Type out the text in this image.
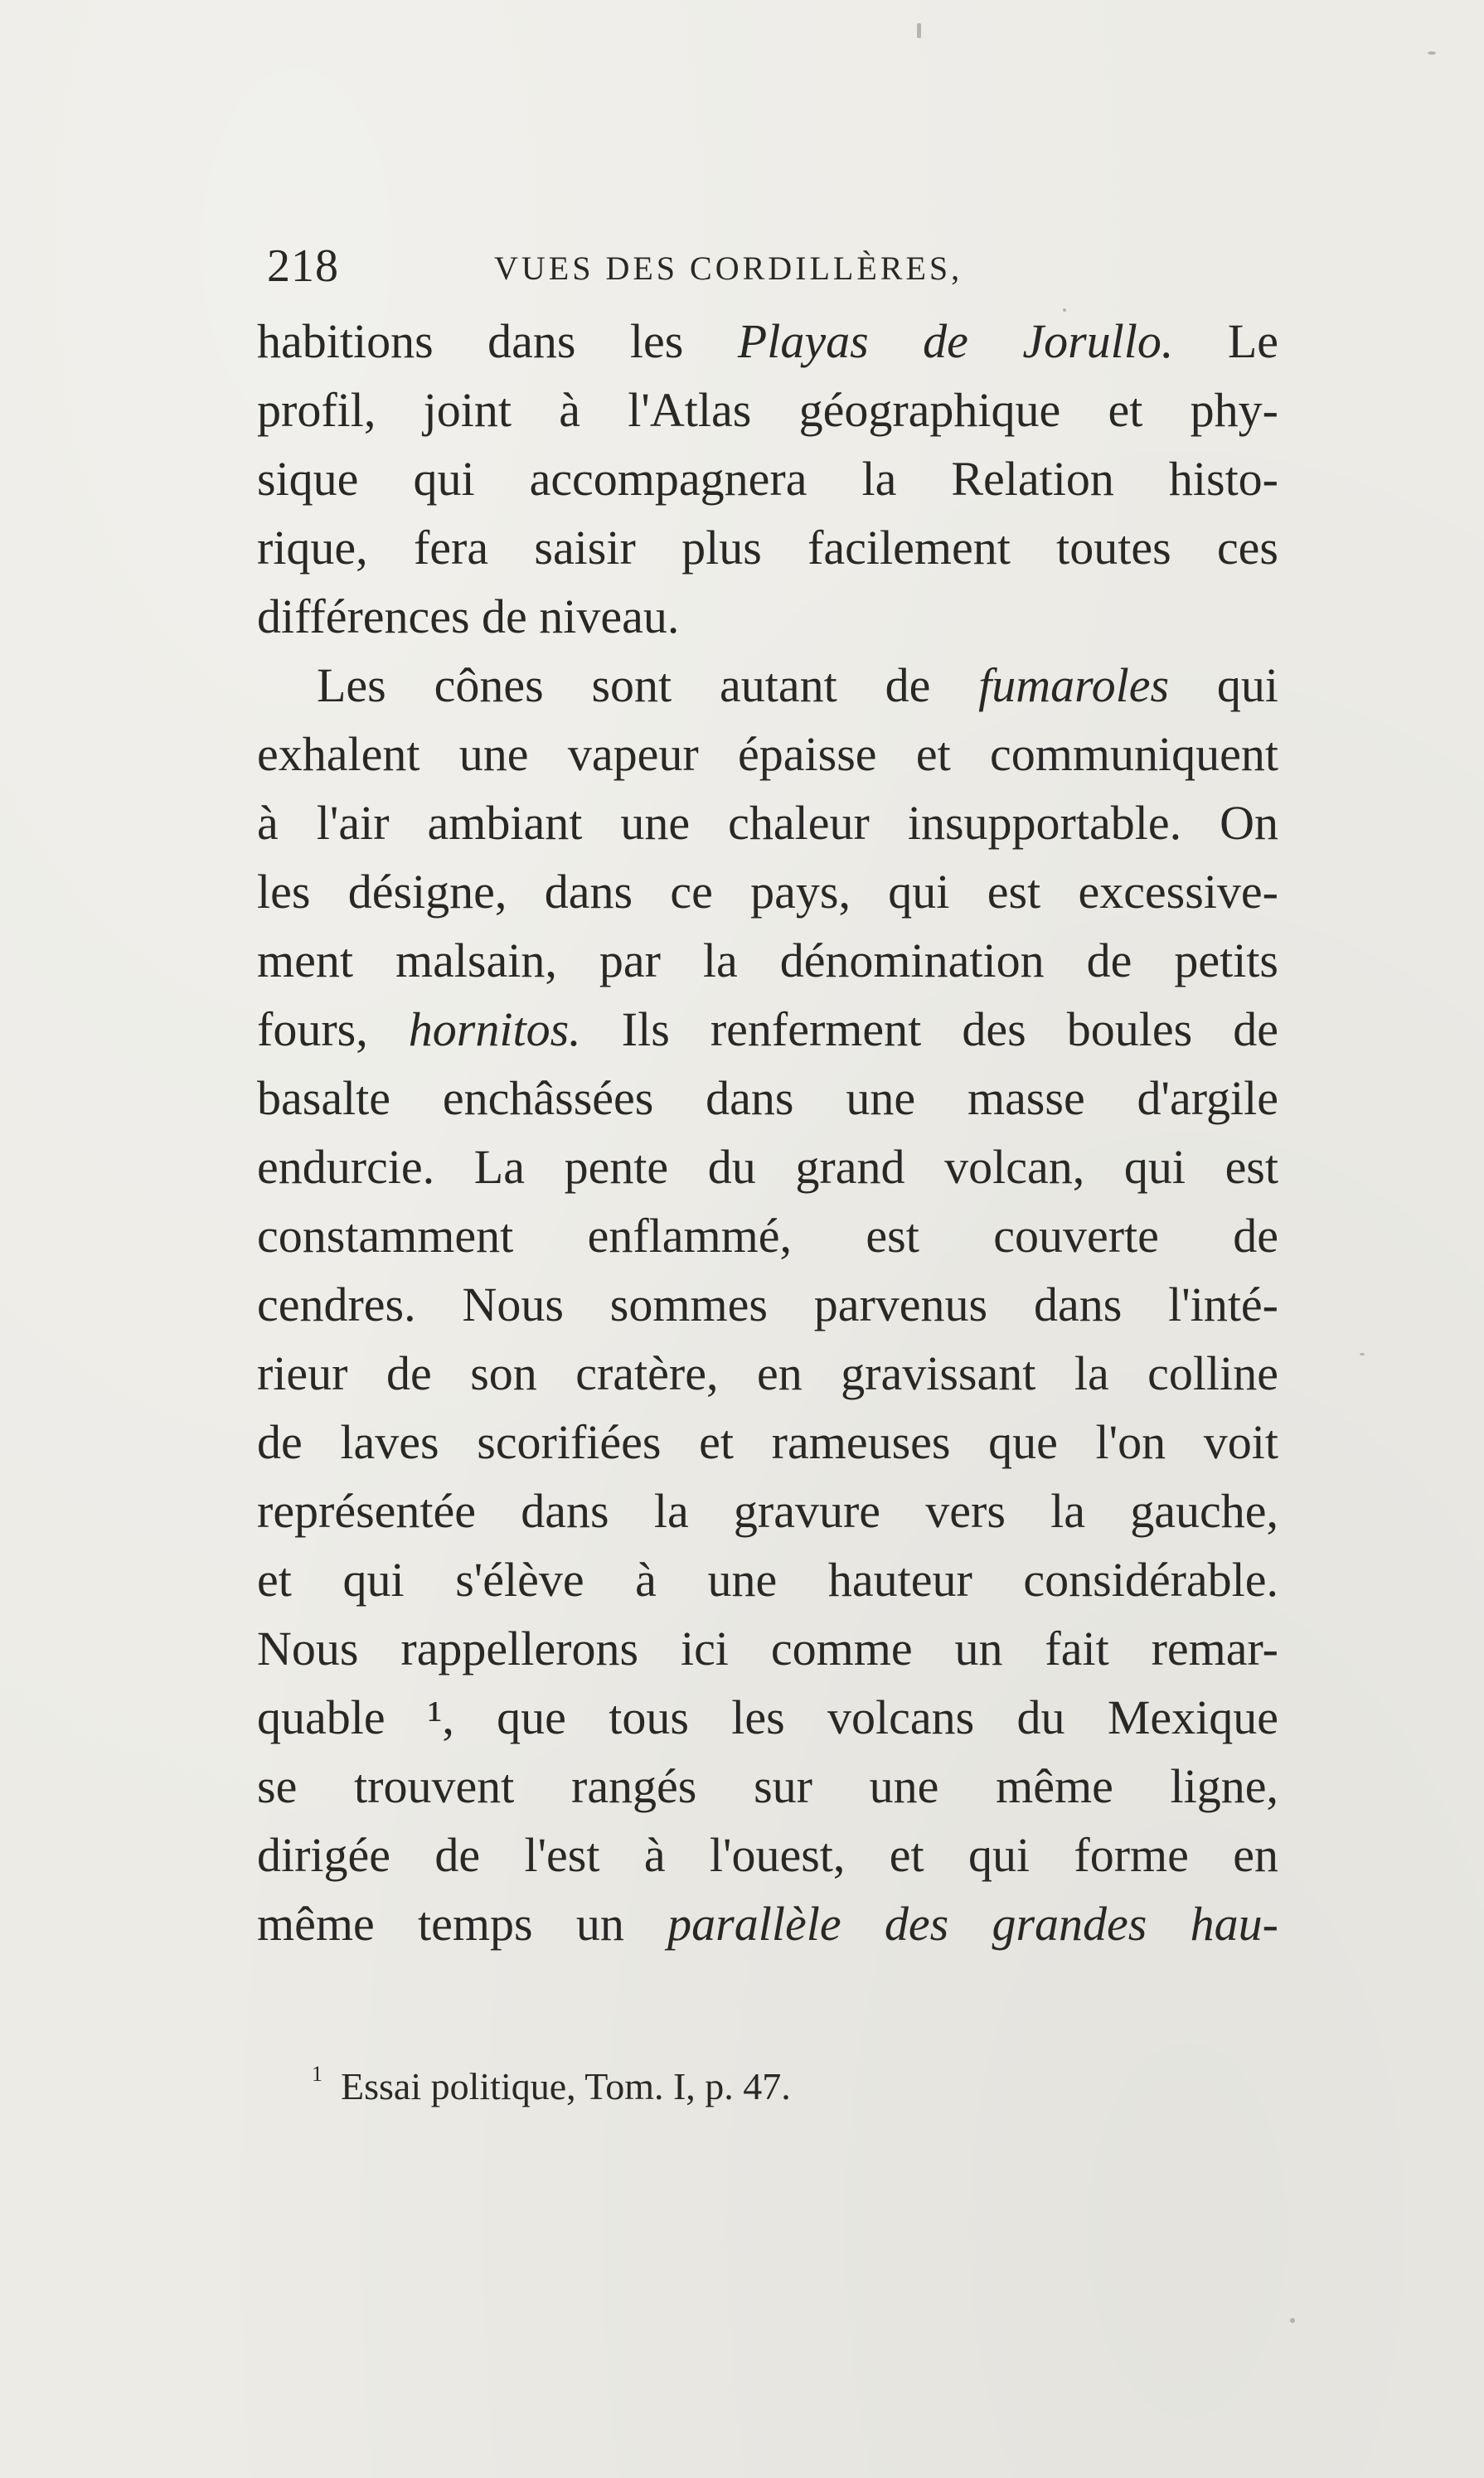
218	VUES DES CORDILLÈRES,
habitions dans les Playas de Jorullo. Le
profil, joint à l'Atlas géographique et phy-
sique qui accompagnera la Relation histo-
rique, fera saisir plus facilement toutes ces
différences de niveau.
Les cônes sont autant de fumaroles qui
exhalent une vapeur épaisse et communiquent
à l'air ambiant une chaleur insupportable. On
les désigne, dans ce pays, qui est excessive-
ment malsain, par la dénomination de petits
fours, hornitos. Ils renferment des boules de
basalte enchâssées dans une masse d'argile
endurcie. La pente du grand volcan, qui est
constamment enflammé, est couverte de
cendres. Nous sommes parvenus dans l'inté-
rieur de son cratère, en gravissant la colline
de laves scorifiées et rameuses que l'on voit
représentée dans la gravure vers la gauche,
et qui s'élève à une hauteur considérable.
Nous rappellerons ici comme un fait remar-
quable ¹, que tous les volcans du Mexique
se trouvent rangés sur une même ligne,
dirigée de l'est à l'ouest, et qui forme en
même temps un parallèle des grandes hau-
$^1$ Essai politique, Tom. I, p. 47.
